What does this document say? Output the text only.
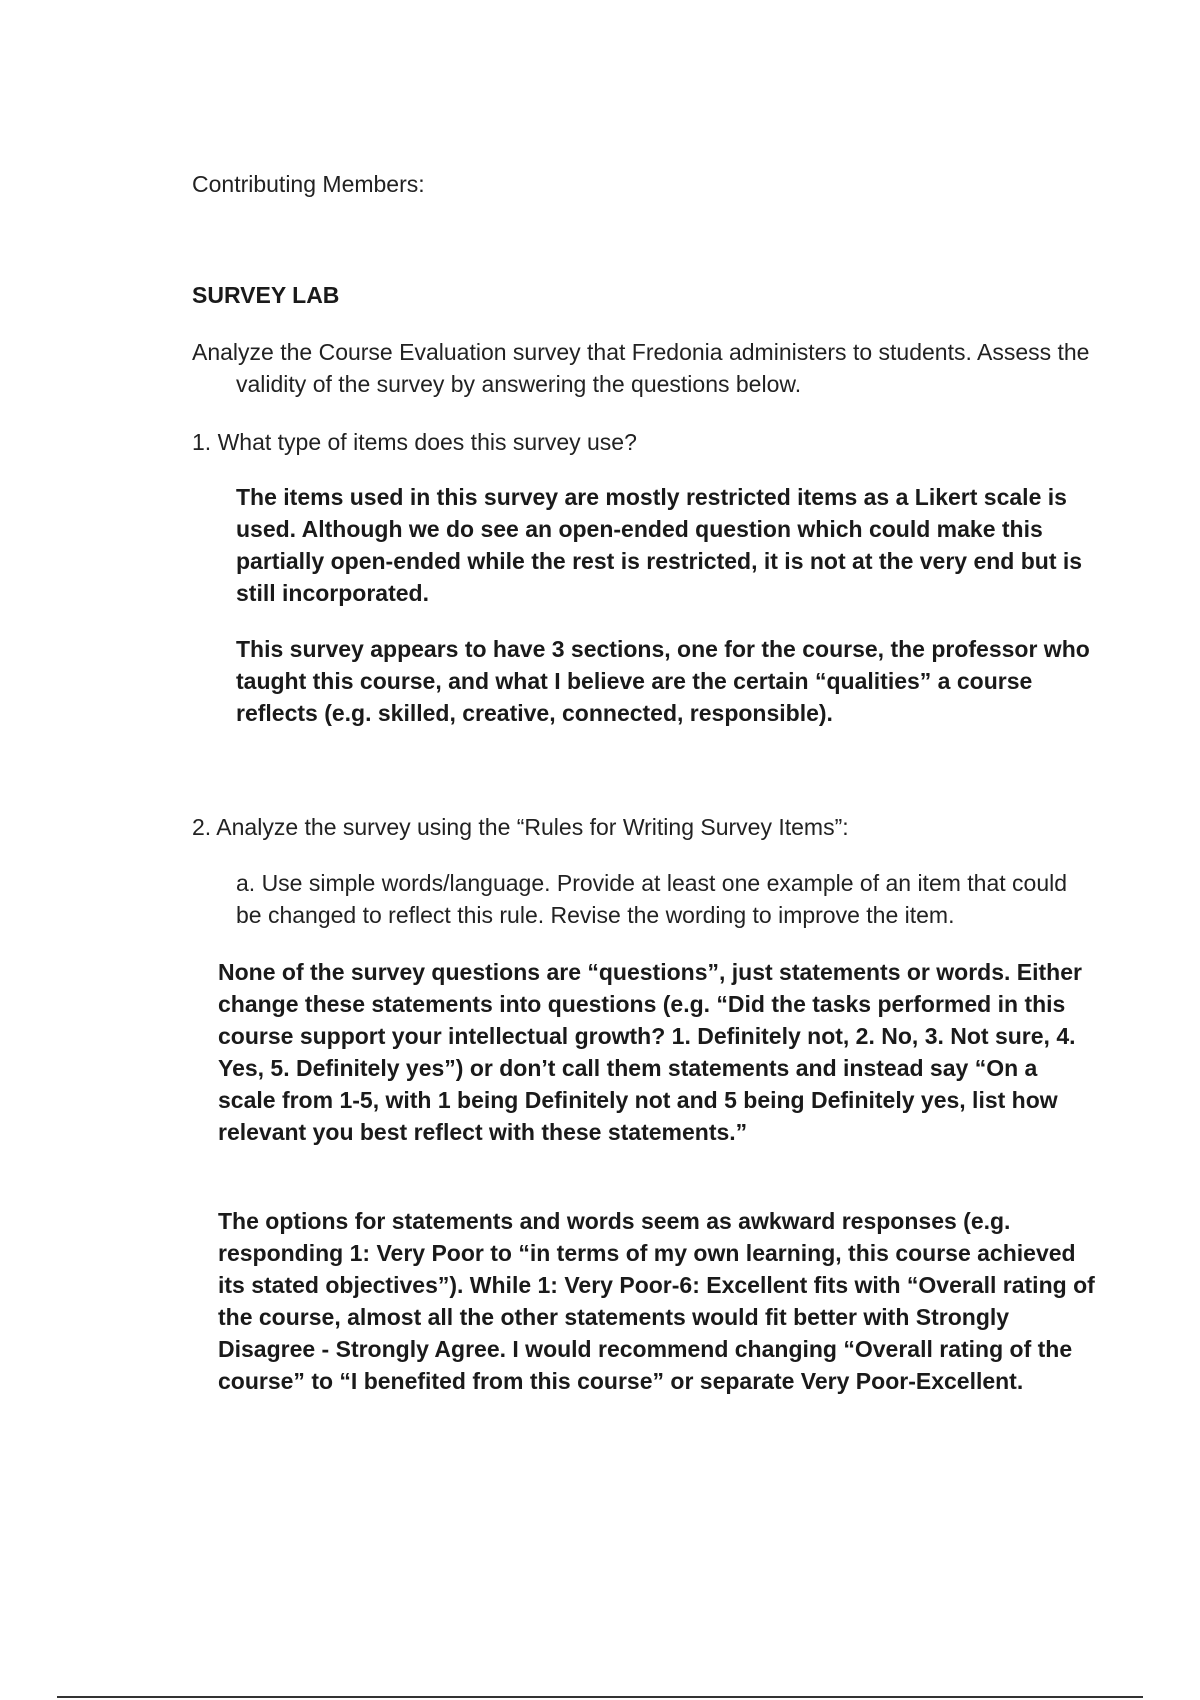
Contributing Members:

SURVEY LAB

Analyze the Course Evaluation survey that Fredonia administers to students. Assess the validity of the survey by answering the questions below.

1. What type of items does this survey use?

The items used in this survey are mostly restricted items as a Likert scale is used. Although we do see an open-ended question which could make this partially open-ended while the rest is restricted, it is not at the very end but is still incorporated.

This survey appears to have 3 sections, one for the course, the professor who taught this course, and what I believe are the certain “qualities” a course reflects (e.g. skilled, creative, connected, responsible).

2. Analyze the survey using the “Rules for Writing Survey Items”:

a. Use simple words/language. Provide at least one example of an item that could be changed to reflect this rule. Revise the wording to improve the item.

None of the survey questions are “questions”, just statements or words. Either change these statements into questions (e.g. “Did the tasks performed in this course support your intellectual growth? 1. Definitely not, 2. No, 3. Not sure, 4. Yes, 5. Definitely yes”) or don’t call them statements and instead say “On a scale from 1-5, with 1 being Definitely not and 5 being Definitely yes, list how relevant you best reflect with these statements.”

The options for statements and words seem as awkward responses (e.g. responding 1: Very Poor to “in terms of my own learning, this course achieved its stated objectives”). While 1: Very Poor-6: Excellent fits with “Overall rating of the course, almost all the other statements would fit better with Strongly Disagree - Strongly Agree. I would recommend changing “Overall rating of the course” to “I benefited from this course” or separate Very Poor-Excellent.
